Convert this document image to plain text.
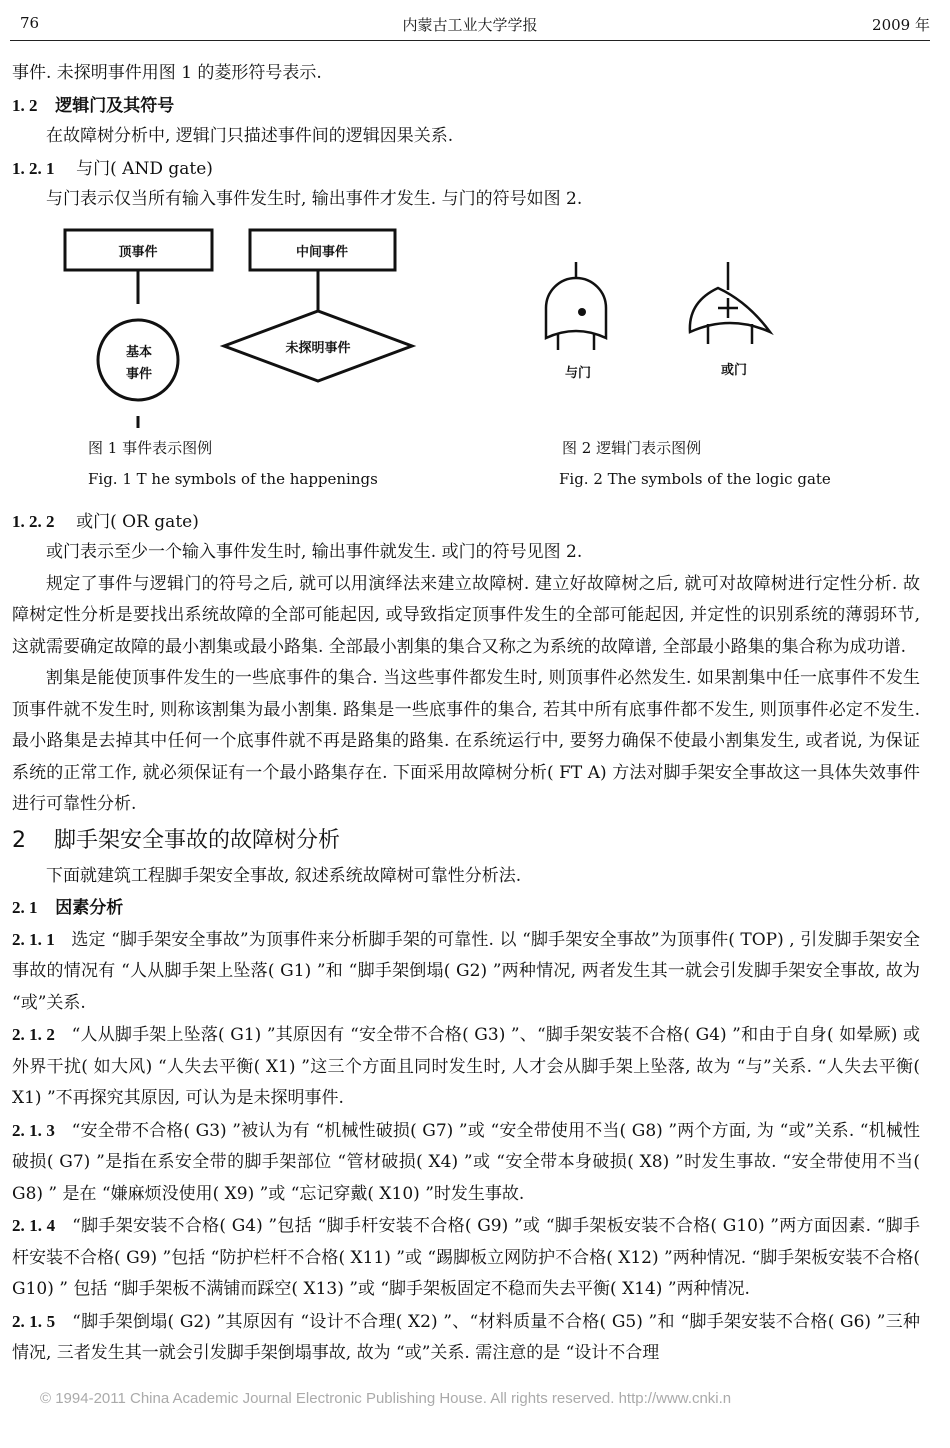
76	内蒙古工业大学学报	2009 年
事件. 未探明事件用图 1 的菱形符号表示.
1. 2 逻辑门及其符号
在故障树分析中, 逻辑门只描述事件间的逻辑因果关系.
1. 2. 1 与门( AND gate)
与门表示仅当所有输入事件发生时, 输出事件才发生. 与门的符号如图 2.
顶事件	中间事件
基本
事件
未探明事件
与门	或门
图 1 事件表示图例
Fig. 1 T he symbols of the happenings
图 2 逻辑门表示图例
Fig. 2 The symbols of the logic gate
1. 2. 2 或门( OR gate)
或门表示至少一个输入事件发生时, 输出事件就发生. 或门的符号见图 2.
规定了事件与逻辑门的符号之后, 就可以用演绎法来建立故障树. 建立好故障树之后, 就可对故障树进行定性分析. 故障树定性分析是要找出系统故障的全部可能起因, 或导致指定顶事件发生的全部可能起因, 并定性的识别系统的薄弱环节, 这就需要确定故障的最小割集或最小路集. 全部最小割集的集合又称之为系统的故障谱, 全部最小路集的集合称为成功谱.
割集是能使顶事件发生的一些底事件的集合. 当这些事件都发生时, 则顶事件必然发生. 如果割集中任一底事件不发生顶事件就不发生时, 则称该割集为最小割集. 路集是一些底事件的集合, 若其中所有底事件都不发生, 则顶事件必定不发生. 最小路集是去掉其中任何一个底事件就不再是路集的路集. 在系统运行中, 要努力确保不使最小割集发生, 或者说, 为保证系统的正常工作, 就必须保证有一个最小路集存在. 下面采用故障树分析( FT A) 方法对脚手架安全事故这一具体失效事件进行可靠性分析.
2 脚手架安全事故的故障树分析
下面就建筑工程脚手架安全事故, 叙述系统故障树可靠性分析法.
2. 1 因素分析
2. 1. 1 选定 “脚手架安全事故”为顶事件来分析脚手架的可靠性. 以 “脚手架安全事故”为顶事件( TOP) , 引发脚手架安全事故的情况有 “人从脚手架上坠落( G1) ”和 “脚手架倒塌( G2) ”两种情况, 两者发生其一就会引发脚手架安全事故, 故为 “或”关系.
2. 1. 2 “人从脚手架上坠落( G1) ”其原因有 “安全带不合格( G3) ”、“脚手架安装不合格( G4) ”和由于自身( 如晕厥) 或外界干扰( 如大风) “人失去平衡( X1) ”这三个方面且同时发生时, 人才会从脚手架上坠落, 故为 “与”关系. “人失去平衡( X1) ”不再探究其原因, 可认为是未探明事件.
2. 1. 3 “安全带不合格( G3) ”被认为有 “机械性破损( G7) ”或 “安全带使用不当( G8) ”两个方面, 为 “或”关系. “机械性破损( G7) ”是指在系安全带的脚手架部位 “管材破损( X4) ”或 “安全带本身破损( X8) ”时发生事故. “安全带使用不当( G8) ” 是在 “嫌麻烦没使用( X9) ”或 “忘记穿戴( X10) ”时发生事故.
2. 1. 4 “脚手架安装不合格( G4) ”包括 “脚手杆安装不合格( G9) ”或 “脚手架板安装不合格( G10) ”两方面因素. “脚手杆安装不合格( G9) ”包括 “防护栏杆不合格( X11) ”或 “踢脚板立网防护不合格( X12) ”两种情况. “脚手架板安装不合格( G10) ” 包括 “脚手架板不满铺而踩空( X13) ”或 “脚手架板固定不稳而失去平衡( X14) ”两种情况.
2. 1. 5 “脚手架倒塌( G2) ”其原因有 “设计不合理( X2) ”、“材料质量不合格( G5) ”和 “脚手架安装不合格( G6) ”三种情况, 三者发生其一就会引发脚手架倒塌事故, 故为 “或”关系. 需注意的是 “设计不合理
© 1994-2011 China Academic Journal Electronic Publishing House. All rights reserved. http://www.cnki.n
